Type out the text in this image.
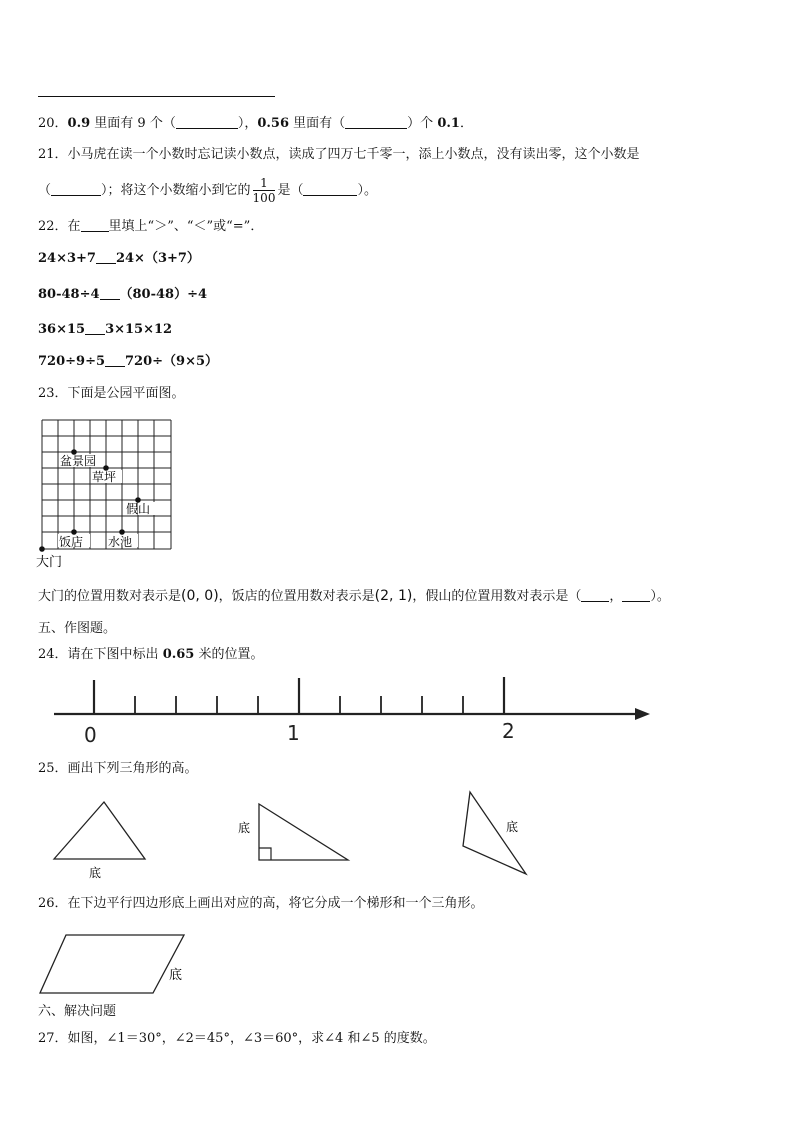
20．0.9 里面有 9 个（	），0.56 里面有（	）个 0.1．
21．小马虎在读一个小数时忘记读小数点，读成了四万七千零一，添上小数点，没有读出零，这个小数是
（	）；将这个小数缩小到它的 $\frac{1}{100}$ 是（	）。
22．在 里填上“＞”、“＜”或“=”．
24×3+7 24×（3+7）
80-48÷4 （80-48）÷4
36×15 3×15×12
720÷9÷5 720÷（9×5）
23．下面是公园平面图。
盆景园
草坪
假山
饭店 水池
大门
大门的位置用数对表示是(0, 0)，饭店的位置用数对表示是(2, 1)，假山的位置用数对表示是（ ， ）。
五、作图题。
24．请在下图中标出 0.65 米的位置。
0	1	2
25．画出下列三角形的高。
底
底	底
26．在下边平行四边形底上画出对应的高，将它分成一个梯形和一个三角形。
底
六、解决问题
27．如图，∠1＝30°，∠2＝45°，∠3＝60°，求∠4 和∠5 的度数。
